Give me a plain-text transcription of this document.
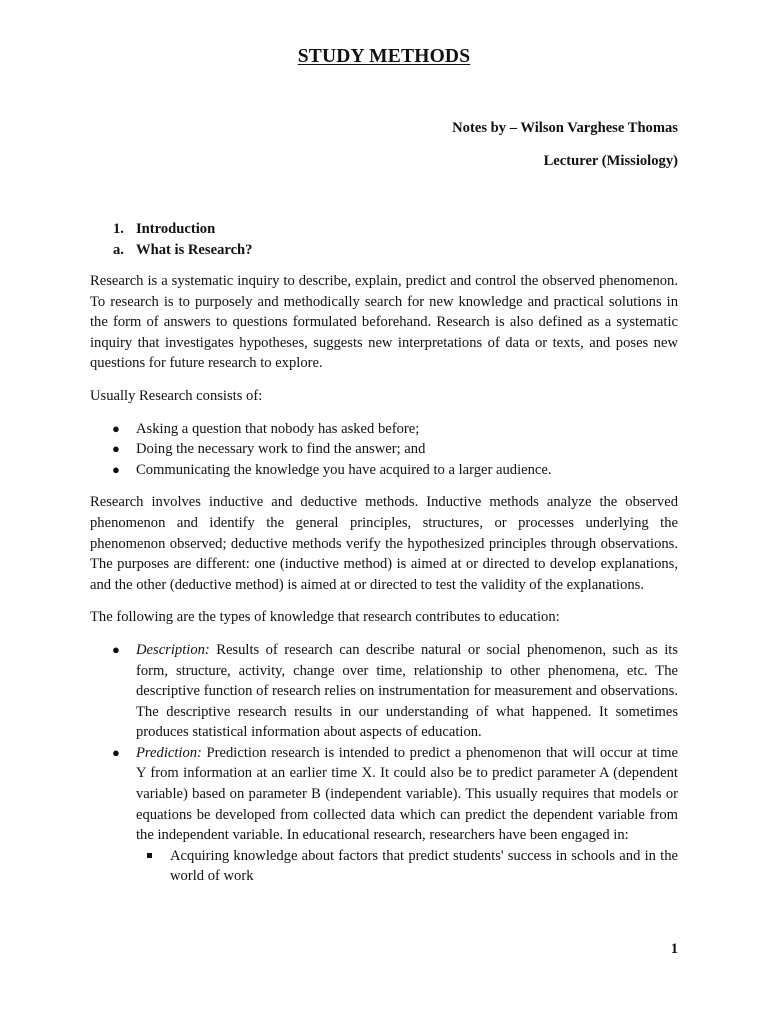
STUDY METHODS
Notes by – Wilson Varghese Thomas
Lecturer (Missiology)
1. Introduction
a. What is Research?

Research is a systematic inquiry to describe, explain, predict and control the observed phenomenon. To research is to purposely and methodically search for new knowledge and practical solutions in the form of answers to questions formulated beforehand. Research is also defined as a systematic inquiry that investigates hypotheses, suggests new interpretations of data or texts, and poses new questions for future research to explore.

Usually Research consists of:

● Asking a question that nobody has asked before;
● Doing the necessary work to find the answer; and
● Communicating the knowledge you have acquired to a larger audience.

Research involves inductive and deductive methods. Inductive methods analyze the observed phenomenon and identify the general principles, structures, or processes underlying the phenomenon observed; deductive methods verify the hypothesized principles through observations. The purposes are different: one (inductive method) is aimed at or directed to develop explanations, and the other (deductive method) is aimed at or directed to test the validity of the explanations.

The following are the types of knowledge that research contributes to education:

● Description: Results of research can describe natural or social phenomenon, such as its form, structure, activity, change over time, relationship to other phenomena, etc. The descriptive function of research relies on instrumentation for measurement and observations. The descriptive research results in our understanding of what happened. It sometimes produces statistical information about aspects of education.
● Prediction: Prediction research is intended to predict a phenomenon that will occur at time Y from information at an earlier time X. It could also be to predict parameter A (dependent variable) based on parameter B (independent variable). This usually requires that models or equations be developed from collected data which can predict the dependent variable from the independent variable. In educational research, researchers have been engaged in:
Acquiring knowledge about factors that predict students' success in schools and in the world of work
1
